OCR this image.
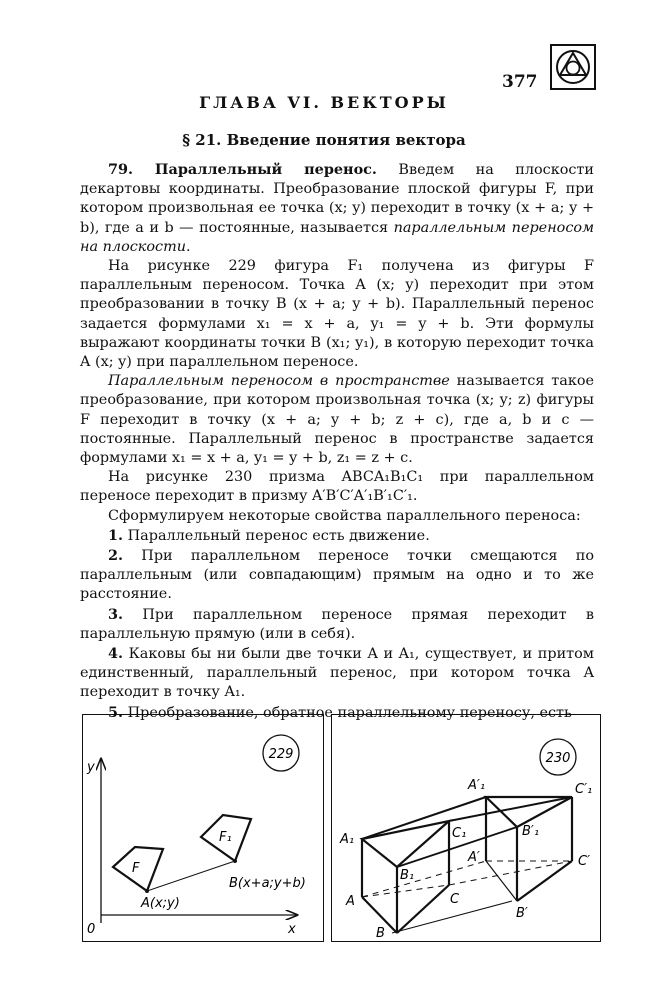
377
ГЛАВА VI. ВЕКТОРЫ
§ 21. Введение понятия вектора

79. Параллельный перенос. Введем на плоскости декартовы координаты. Преобразование плоской фигуры F, при котором произвольная ее точка (x; y) переходит в точку (x + a; y + b), где a и b — постоянные, называется параллельным переносом на плоскости.

На рисунке 229 фигура F₁ получена из фигуры F параллельным переносом. Точка A (x; y) переходит при этом преобразовании в точку B (x + a; y + b). Параллельный перенос задается формулами x₁ = x + a, y₁ = y + b. Эти формулы выражают координаты точки B (x₁; y₁), в которую переходит точка A (x; y) при параллельном переносе.

Параллельным переносом в пространстве называется такое преобразование, при котором произвольная точка (x; y; z) фигуры F переходит в точку (x + a; y + b; z + c), где a, b и c — постоянные. Параллельный перенос в пространстве задается формулами x₁ = x + a, y₁ = y + b, z₁ = z + c.

На рисунке 230 призма ABCA₁B₁C₁ при параллельном переносе переходит в призму A′B′C′A′₁B′₁C′₁.

Сформулируем некоторые свойства параллельного переноса:

1. Параллельный перенос есть движение.

2. При параллельном переносе точки смещаются по параллельным (или совпадающим) прямым на одно и то же расстояние.

3. При параллельном переносе прямая переходит в параллельную прямую (или в себя).

4. Каковы бы ни были две точки A и A₁, существует, и притом единственный, параллельный перенос, при котором точка A переходит в точку A₁.

5. Преобразование, обратное параллельному переносу, есть

229
y
x
0
F
F₁
A(x;y)
B(x+a;y+b)
230
A₁
A
B
B₁
C₁
C
A′₁
A′
B′₁
B′
C′
C′₁
